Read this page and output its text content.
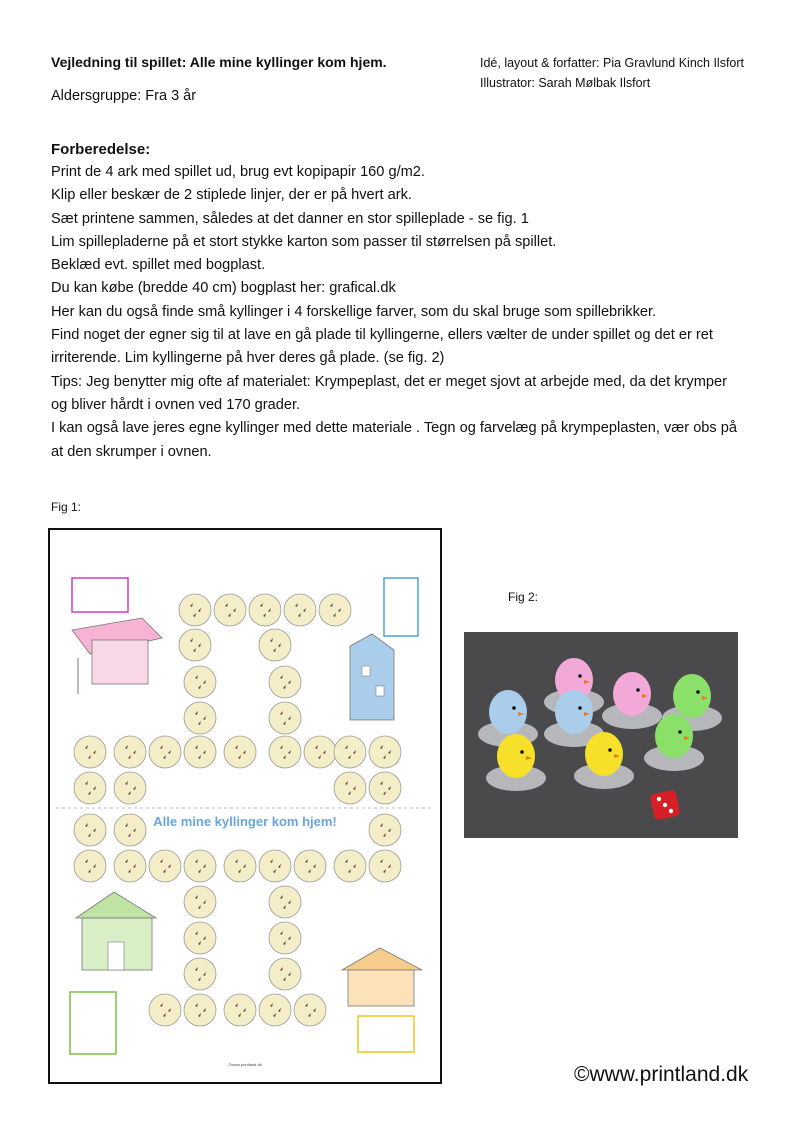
Vejledning til spillet: Alle mine kyllinger kom hjem.
Aldersgruppe: Fra 3 år
Idé, layout & forfatter: Pia Gravlund Kinch Ilsfort
Illustrator: Sarah Mølbak Ilsfort
Forberedelse:
Print de 4 ark med spillet ud, brug evt kopipapir 160 g/m2.
Klip eller beskær de 2 stiplede linjer, der er på hvert ark.
Sæt printene sammen, således at det danner en stor spilleplade - se fig. 1
Lim spillepladerne på et stort stykke karton som passer til størrelsen på spillet.
Beklæd evt. spillet med bogplast.
Du kan købe (bredde 40 cm) bogplast her: grafical.dk
Her kan du også finde små kyllinger i 4 forskellige farver, som du skal bruge som spillebrikker.
Find noget der egner sig til at lave en gå plade til kyllingerne, ellers vælter de under spillet og det er ret
irriterende. Lim kyllingerne på hver deres gå plade. (se fig. 2)
Tips: Jeg benytter mig ofte af materialet: Krympeplast, det er meget sjovt at arbejde med, da det krymper
og bliver hårdt i ovnen ved 170 grader.
I kan også lave jeres egne kyllinger med dette materiale . Tegn og farvelæg på krympeplasten, vær obs på
at den skrumper i ovnen.
Fig 1:
Fig 2:
Alle mine kyllinger kom hjem!
©www.printland.dk	©www.printland.dk
